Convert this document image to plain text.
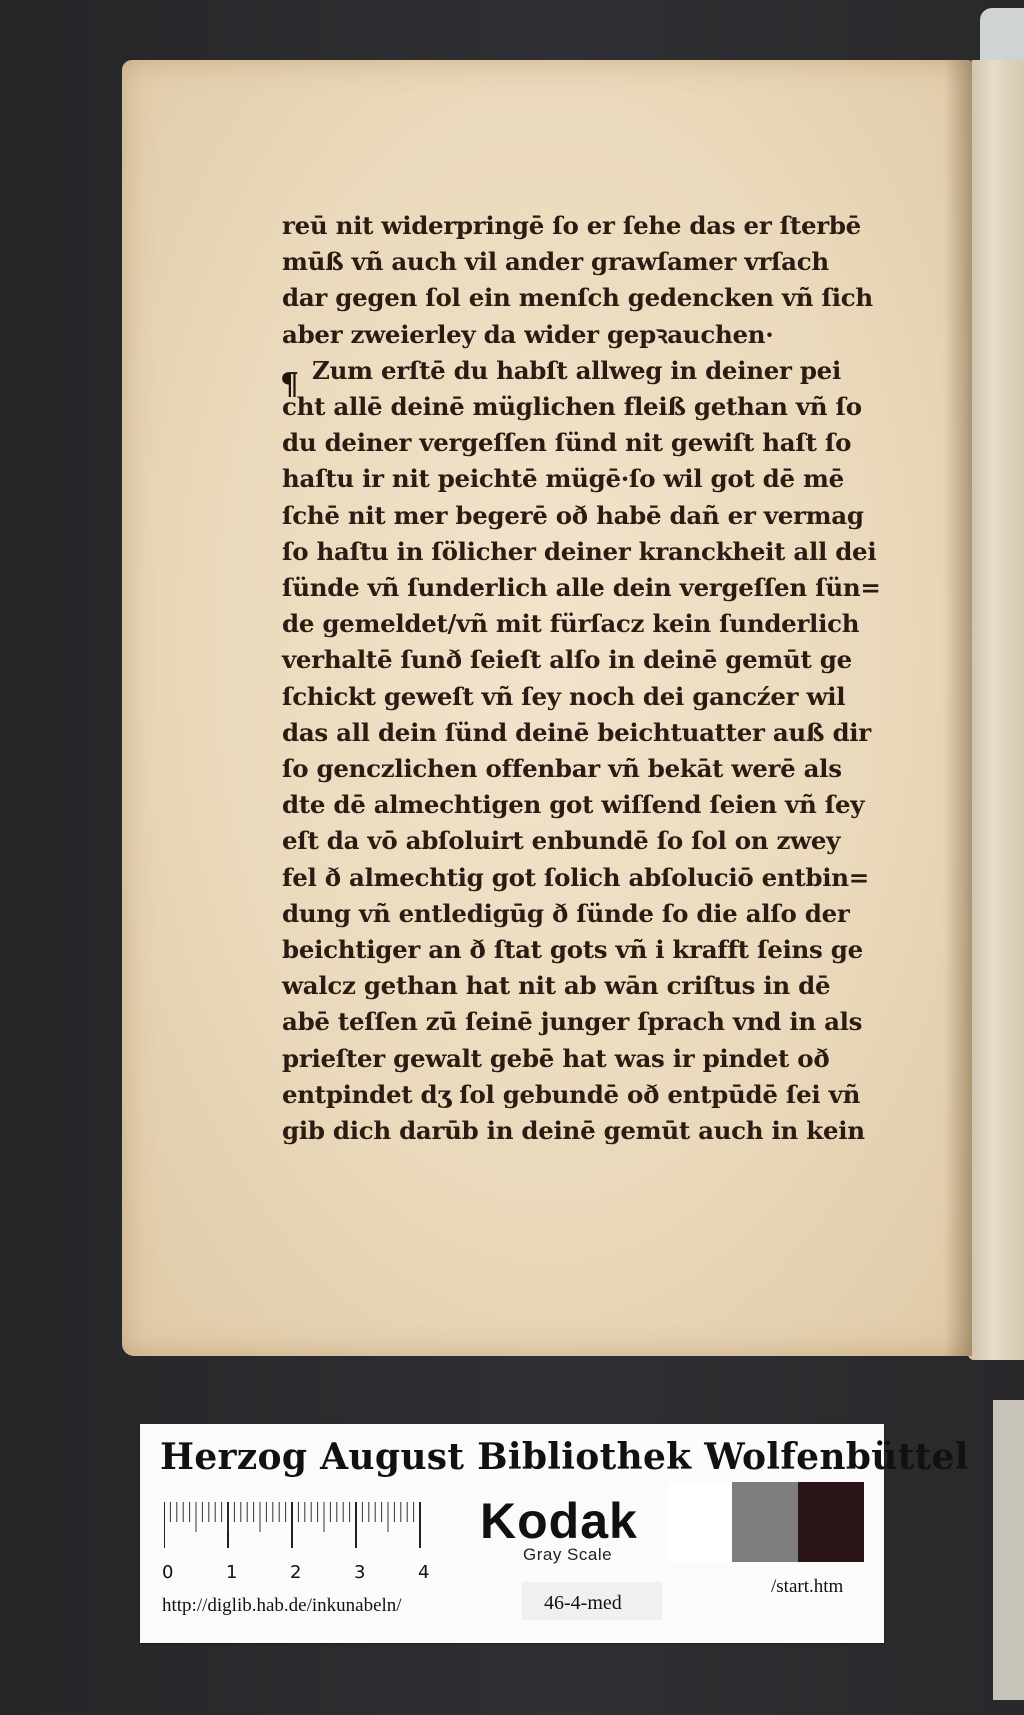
reū nit widerpringē ſo er ſehe das er ſterbē
mūß vñ auch vil ander grawſamer vrſach
dar gegen ſol ein menſch gedencken vñ ſich
aber zweierley da wider gepꝛauchen·
Zum erſtē du habſt allweg in deiner pei
cht allē deinē müglichen fleiß gethan vñ ſo
du deiner vergeſſen ſünd nit gewiſt haſt ſo
haſtu ir nit peichtē mügē·ſo wil got dē mē
ſchē nit mer begerē oð habē dañ er vermag
ſo haſtu in ſölicher deiner kranckheit all dei
ſünde vñ ſunderlich alle dein vergeſſen ſün=
de gemeldet/vñ mit fürſacz kein ſunderlich
verhaltē ſunð ſeieſt alſo in deinē gemūt ge
ſchickt geweſt vñ ſey noch dei gancźer wil
das all dein ſünd deinē beichtuatter auß dir
ſo genczlichen offenbar vñ bekāt werē als
dte dē almechtigen got wiſſend ſeien vñ ſey
eſt da vō abſoluirt enbundē ſo ſol on zwey
fel ð almechtig got ſolich abſoluciō entbin=
dung vñ entledigūg ð ſünde ſo die alſo der
beichtiger an ð ſtat gots vñ i krafft ſeins ge
walcz gethan hat nit ab wān criſtus in dē
abē teſſen zū ſeinē junger ſprach vnd in als
prieſter gewalt gebē hat was ir pindet oð
entpindet dʒ ſol gebundē oð entpūdē ſei vñ
gib dich darūb in deinē gemūt auch in kein
¶
Herzog August Bibliothek Wolfenbüttel
0	1	2	3	4
Kodak
Gray Scale
http://diglib.hab.de/inkunabeln/	46-4-med
/start.htm
